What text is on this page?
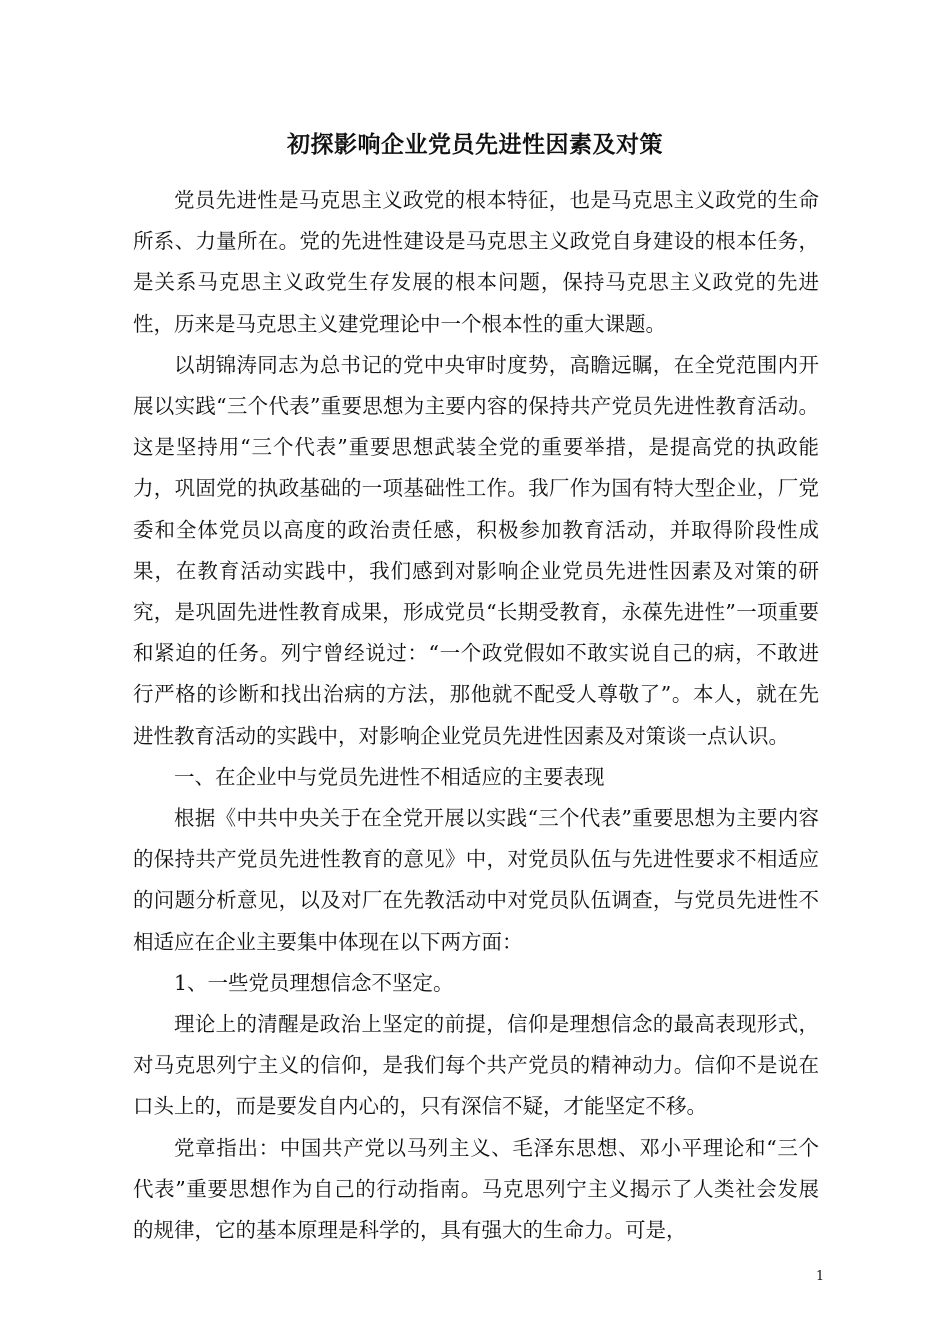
初探影响企业党员先进性因素及对策

党员先进性是马克思主义政党的根本特征，也是马克思主义政党的生命所系、力量所在。党的先进性建设是马克思主义政党自身建设的根本任务，是关系马克思主义政党生存发展的根本问题，保持马克思主义政党的先进性，历来是马克思主义建党理论中一个根本性的重大课题。

以胡锦涛同志为总书记的党中央审时度势，高瞻远瞩，在全党范围内开展以实践“三个代表”重要思想为主要内容的保持共产党员先进性教育活动。这是坚持用“三个代表”重要思想武装全党的重要举措，是提高党的执政能力，巩固党的执政基础的一项基础性工作。我厂作为国有特大型企业，厂党委和全体党员以高度的政治责任感，积极参加教育活动，并取得阶段性成果，在教育活动实践中，我们感到对影响企业党员先进性因素及对策的研究，是巩固先进性教育成果，形成党员“长期受教育，永葆先进性”一项重要和紧迫的任务。列宁曾经说过：“一个政党假如不敢实说自己的病，不敢进行严格的诊断和找出治病的方法，那他就不配受人尊敬了”。本人，就在先进性教育活动的实践中，对影响企业党员先进性因素及对策谈一点认识。

一、在企业中与党员先进性不相适应的主要表现

根据《中共中央关于在全党开展以实践“三个代表”重要思想为主要内容的保持共产党员先进性教育的意见》中，对党员队伍与先进性要求不相适应的问题分析意见，以及对厂在先教活动中对党员队伍调查，与党员先进性不相适应在企业主要集中体现在以下两方面：

1、一些党员理想信念不坚定。

理论上的清醒是政治上坚定的前提，信仰是理想信念的最高表现形式，对马克思列宁主义的信仰，是我们每个共产党员的精神动力。信仰不是说在口头上的，而是要发自内心的，只有深信不疑，才能坚定不移。

党章指出：中国共产党以马列主义、毛泽东思想、邓小平理论和“三个代表”重要思想作为自己的行动指南。马克思列宁主义揭示了人类社会发展的规律，它的基本原理是科学的，具有强大的生命力。可是，

1
